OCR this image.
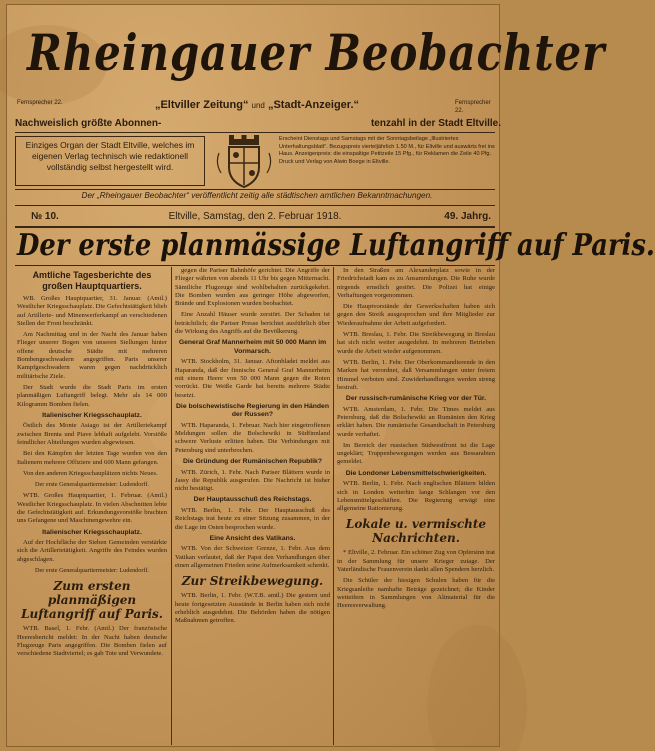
Rheingauer Beobachter
Fernsprecher 22.	Fernsprecher 22.
„Eltviller Zeitung“ und „Stadt-Anzeiger.“
Nachweislich größte Abonnen-	tenzahl in der Stadt Eltville.
Einziges Organ der Stadt Eltville, welches im eigenen Verlag technisch wie redaktionell vollständig selbst hergestellt wird.
Erscheint Dienstags und Samstags mit der Sonntagsbeilage „Illustriertes Unterhaltungsblatt“. Bezugspreis vierteljährlich 1.50 M., für Eltville und auswärts frei ins Haus. Anzeigenpreis: die einspaltige Petitzeile 15 Pfg., für Reklamen die Zeile 40 Pfg. Druck und Verlag von Alwin Boege in Eltville.
Der „Rheingauer Beobachter“ veröffentlicht zeitig alle städtischen amtlichen Bekanntmachungen.
№ 10.	Eltville, Samstag, den 2. Februar 1918.	49. Jahrg.
Der erste planmässige Luftangriff auf Paris.
Amtliche Tagesberichte des großen Hauptquartiers.

WB. Großes Hauptquartier, 31. Januar. (Amtl.) Westlicher Kriegsschauplatz. Die Gefechtstätigkeit blieb auf Artillerie- und Minenwerferkampf an verschiedenen Stellen der Front beschränkt.

Am Nachmittag und in der Nacht des Januar haben Flieger unserer Bogen von unseren Stellungen hinter offene deutsche Städte mit mehreren Bombengeschwadern angegriffen. Paris unserer Kampfgeschwadern waren gegen nachdrücklich militärische Ziele.

Der Stadt wurde die Stadt Paris im ersten planmäßigen Luftangriff belegt. Mehr als 14 000 Kilogramm Bomben fielen.

Italienischer Kriegsschauplatz.

Östlich des Monte Asiago ist der Artilleriekampf zwischen Brenta und Piave lebhaft aufgelebt. Vorstöße feindlicher Abteilungen wurden abgewiesen.

Bei den Kämpfen der letzten Tage wurden von den Italienern mehrere Offiziere und 600 Mann gefangen.

Von den anderen Kriegsschauplätzen nichts Neues.

Der erste Generalquartiermeister: Ludendorff.

WTB. Großes Hauptquartier, 1. Februar. (Amtl.) Westlicher Kriegsschauplatz. In vielen Abschnitten lebte die Gefechtstätigkeit auf. Erkundungsvorstöße brachten uns Gefangene und Maschinengewehre ein.

Italienischer Kriegsschauplatz.

Auf der Hochfläche der Sieben Gemeinden verstärkte sich die Artillerietätigkeit. Angriffe des Feindes wurden abgeschlagen.

Der erste Generalquartiermeister: Ludendorff.

Zum ersten planmäßigen Luftangriff auf Paris.

WTB. Basel, 1. Febr. (Amtl.) Der französische Heeresbericht meldet: In der Nacht haben deutsche Flugzeuge Paris angegriffen. Die Bomben fielen auf verschiedene Stadtviertel; es gab Tote und Verwundete.

gegen die Pariser Bahnhöfe gerichtet. Die Angriffe der Flieger währten von abends 11 Uhr bis gegen Mitternacht. Sämtliche Flugzeuge sind wohlbehalten zurückgekehrt. Die Bomben wurden aus geringer Höhe abgeworfen, Brände und Explosionen wurden beobachtet.

Eine Anzahl Häuser wurde zerstört. Der Schaden ist beträchtlich; die Pariser Presse berichtet ausführlich über die Wirkung des Angriffs auf die Bevölkerung.

General Graf Mannerheim mit 50 000 Mann im Vormarsch.

WTB. Stockholm, 31. Januar. Aftonbladet meldet aus Haparanda, daß der finnische General Graf Mannerheim mit einem Heere von 50 000 Mann gegen die Roten vorrückt. Die Weiße Garde hat bereits mehrere Städte besetzt.

Die bolschewistische Regierung in den Händen der Russen?

WTB. Haparanda, 1. Februar. Nach hier eingetroffenen Meldungen sollen die Bolschewiki in Südfinnland schwere Verluste erlitten haben. Die Verbindungen mit Petersburg sind unterbrochen.

Die Gründung der Rumänischen Republik?

WTB. Zürich, 1. Febr. Nach Pariser Blättern wurde in Jassy die Republik ausgerufen. Die Nachricht ist bisher nicht bestätigt.

Der Hauptausschuß des Reichstags.

WTB. Berlin, 1. Febr. Der Hauptausschuß des Reichstags trat heute zu einer Sitzung zusammen, in der die Lage im Osten besprochen wurde.

Eine Ansicht des Vatikans.

WTB. Von der Schweizer Grenze, 1. Febr. Aus dem Vatikan verlautet, daß der Papst den Verhandlungen über einen allgemeinen Frieden seine Aufmerksamkeit schenkt.

Zur Streikbewegung.

WTB. Berlin, 1. Febr. (W.T.B. amtl.) Die gestern und heute fortgesetzten Ausstände in Berlin haben sich nicht erheblich ausgedehnt. Die Behörden haben die nötigen Maßnahmen getroffen.

In den Straßen am Alexanderplatz sowie in der Friedrichstadt kam es zu Ansammlungen. Die Ruhe wurde nirgends ernstlich gestört. Die Polizei hat einige Verhaftungen vorgenommen.

Die Hauptvorstände der Gewerkschaften haben sich gegen den Streik ausgesprochen und ihre Mitglieder zur Wiederaufnahme der Arbeit aufgefordert.

WTB. Breslau, 1. Febr. Die Streikbewegung in Breslau hat sich nicht weiter ausgedehnt. In mehreren Betrieben wurde die Arbeit wieder aufgenommen.

WTB. Berlin, 1. Febr. Der Oberkommandierende in den Marken hat verordnet, daß Versammlungen unter freiem Himmel verboten sind. Zuwiderhandlungen werden streng bestraft.

Der russisch-rumänische Krieg vor der Tür.

WTB. Amsterdam, 1. Febr. Die Times meldet aus Petersburg, daß die Bolschewiki an Rumänien den Krieg erklärt haben. Die rumänische Gesandtschaft in Petersburg wurde verhaftet.

Im Bereich der russischen Südwestfront ist die Lage ungeklärt; Truppenbewegungen werden aus Bessarabien gemeldet.

Die Londoner Lebensmittelschwierigkeiten.

WTB. Berlin, 1. Febr. Nach englischen Blättern bilden sich in London weiterhin lange Schlangen vor den Lebensmittelgeschäften. Die Regierung erwägt eine allgemeine Rationierung.

Lokale u. vermischte Nachrichten.

* Eltville, 2. Februar. Ein schöner Zug von Opfersinn trat in der Sammlung für unsere Krieger zutage. Der Vaterländische Frauenverein dankt allen Spendern herzlich.

Die Schüler der hiesigen Schulen haben für die Kriegsanleihe namhafte Beträge gezeichnet; die Kinder wetteifern in Sammlungen von Altmaterial für die Heeresverwaltung.
